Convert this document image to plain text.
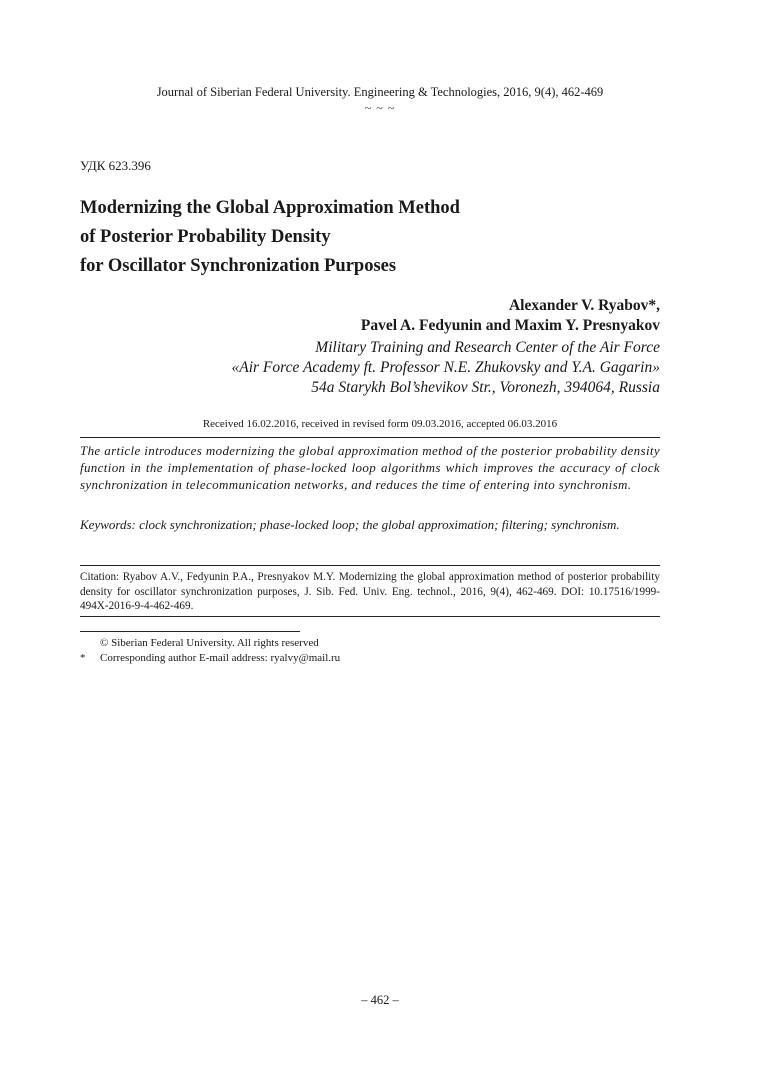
Journal of Siberian Federal University. Engineering & Technologies, 2016, 9(4), 462-469
~ ~ ~
УДК 623.396
Modernizing the Global Approximation Method
of Posterior Probability Density
for Oscillator Synchronization Purposes
Alexander V. Ryabov*,
Pavel A. Fedyunin and Maxim Y. Presnyakov
Military Training and Research Center of the Air Force
«Air Force Academy ft. Professor N.E. Zhukovsky and Y.A. Gagarin»
54a Starykh Bol’shevikov Str., Voronezh, 394064, Russia
Received 16.02.2016, received in revised form 09.03.2016, accepted 06.03.2016
The article introduces modernizing the global approximation method of the posterior probability density function in the implementation of phase-locked loop algorithms which improves the accuracy of clock synchronization in telecommunication networks, and reduces the time of entering into synchronism.
Keywords: clock synchronization; phase-locked loop; the global approximation; filtering; synchronism.
Citation: Ryabov A.V., Fedyunin P.A., Presnyakov M.Y. Modernizing the global approximation method of posterior probability density for oscillator synchronization purposes, J. Sib. Fed. Univ. Eng. technol., 2016, 9(4), 462-469. DOI: 10.17516/1999-494X-2016-9-4-462-469.
© Siberian Federal University. All rights reserved
* Corresponding author E-mail address: ryalvy@mail.ru
– 462 –
